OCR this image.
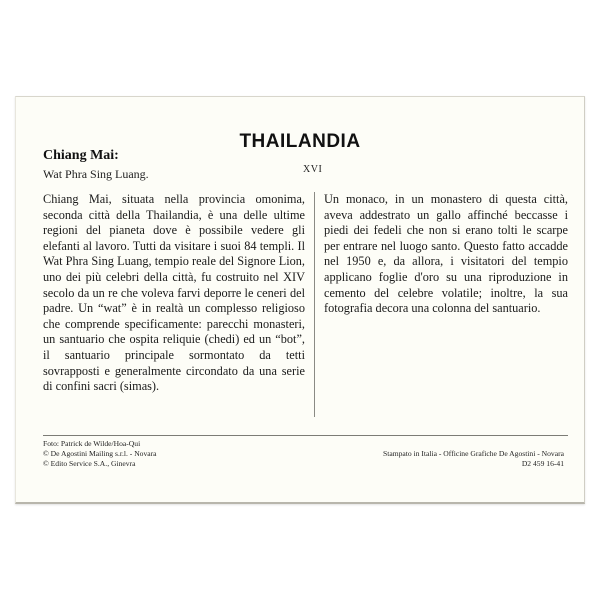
THAILANDIA
XVI
Chiang Mai:
Wat Phra Sing Luang.
Chiang Mai, situata nella provincia omonima, seconda città della Thailandia, è una delle ultime regioni del pianeta dove è possibile vedere gli elefanti al lavoro. Tutti da visitare i suoi 84 templi. Il Wat Phra Sing Luang, tempio reale del Signore Lion, uno dei più celebri della città, fu costruito nel XIV secolo da un re che voleva farvi deporre le ceneri del padre. Un “wat” è in realtà un complesso religioso che comprende specificamente: parecchi monasteri, un santuario che ospita reliquie (chedi) ed un “bot”, il santuario principale sormontato da tetti sovrapposti e generalmente circondato da una serie di confini sacri (simas).
Un monaco, in un monastero di questa città, aveva addestrato un gallo affinché beccasse i piedi dei fedeli che non si erano tolti le scarpe per entrare nel luogo santo. Questo fatto accadde nel 1950 e, da allora, i visitatori del tempio applicano foglie d'oro su una riproduzione in cemento del celebre volatile; inoltre, la sua fotografia decora una colonna del santuario.
Foto: Patrick de Wilde/Hoa-Qui
© De Agostini Mailing s.r.l. - Novara
© Edito Service S.A., Ginevra
Stampato in Italia - Officine Grafiche De Agostini - Novara
D2 459 16-41
